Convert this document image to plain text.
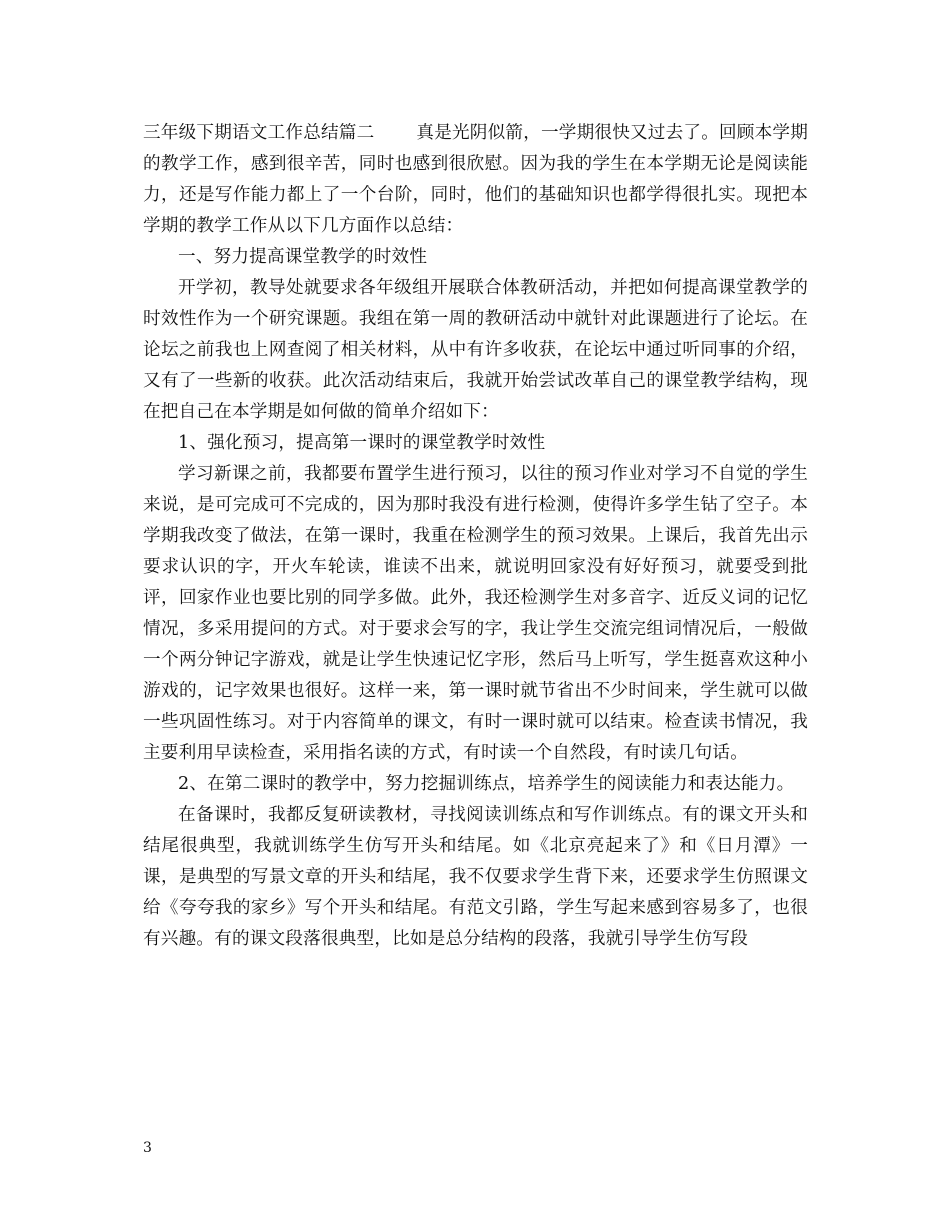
三年级下期语文工作总结篇二 真是光阴似箭，一学期很快又过去了。回顾本学期的教学工作，感到很辛苦，同时也感到很欣慰。因为我的学生在本学期无论是阅读能力，还是写作能力都上了一个台阶，同时，他们的基础知识也都学得很扎实。现把本学期的教学工作从以下几方面作以总结：

一、努力提高课堂教学的时效性

开学初，教导处就要求各年级组开展联合体教研活动，并把如何提高课堂教学的时效性作为一个研究课题。我组在第一周的教研活动中就针对此课题进行了论坛。在论坛之前我也上网查阅了相关材料，从中有许多收获，在论坛中通过听同事的介绍，又有了一些新的收获。此次活动结束后，我就开始尝试改革自己的课堂教学结构，现在把自己在本学期是如何做的简单介绍如下：

1、强化预习，提高第一课时的课堂教学时效性

学习新课之前，我都要布置学生进行预习，以往的预习作业对学习不自觉的学生来说，是可完成可不完成的，因为那时我没有进行检测，使得许多学生钻了空子。本学期我改变了做法，在第一课时，我重在检测学生的预习效果。上课后，我首先出示要求认识的字，开火车轮读，谁读不出来，就说明回家没有好好预习，就要受到批评，回家作业也要比别的同学多做。此外，我还检测学生对多音字、近反义词的记忆情况，多采用提问的方式。对于要求会写的字，我让学生交流完组词情况后，一般做一个两分钟记字游戏，就是让学生快速记忆字形，然后马上听写，学生挺喜欢这种小游戏的，记字效果也很好。这样一来，第一课时就节省出不少时间来，学生就可以做一些巩固性练习。对于内容简单的课文，有时一课时就可以结束。检查读书情况，我主要利用早读检查，采用指名读的方式，有时读一个自然段，有时读几句话。

2、在第二课时的教学中，努力挖掘训练点，培养学生的阅读能力和表达能力。

在备课时，我都反复研读教材，寻找阅读训练点和写作训练点。有的课文开头和结尾很典型，我就训练学生仿写开头和结尾。如《北京亮起来了》和《日月潭》一课，是典型的写景文章的开头和结尾，我不仅要求学生背下来，还要求学生仿照课文给《夸夸我的家乡》写个开头和结尾。有范文引路，学生写起来感到容易多了，也很有兴趣。有的课文段落很典型，比如是总分结构的段落，我就引导学生仿写段

3
